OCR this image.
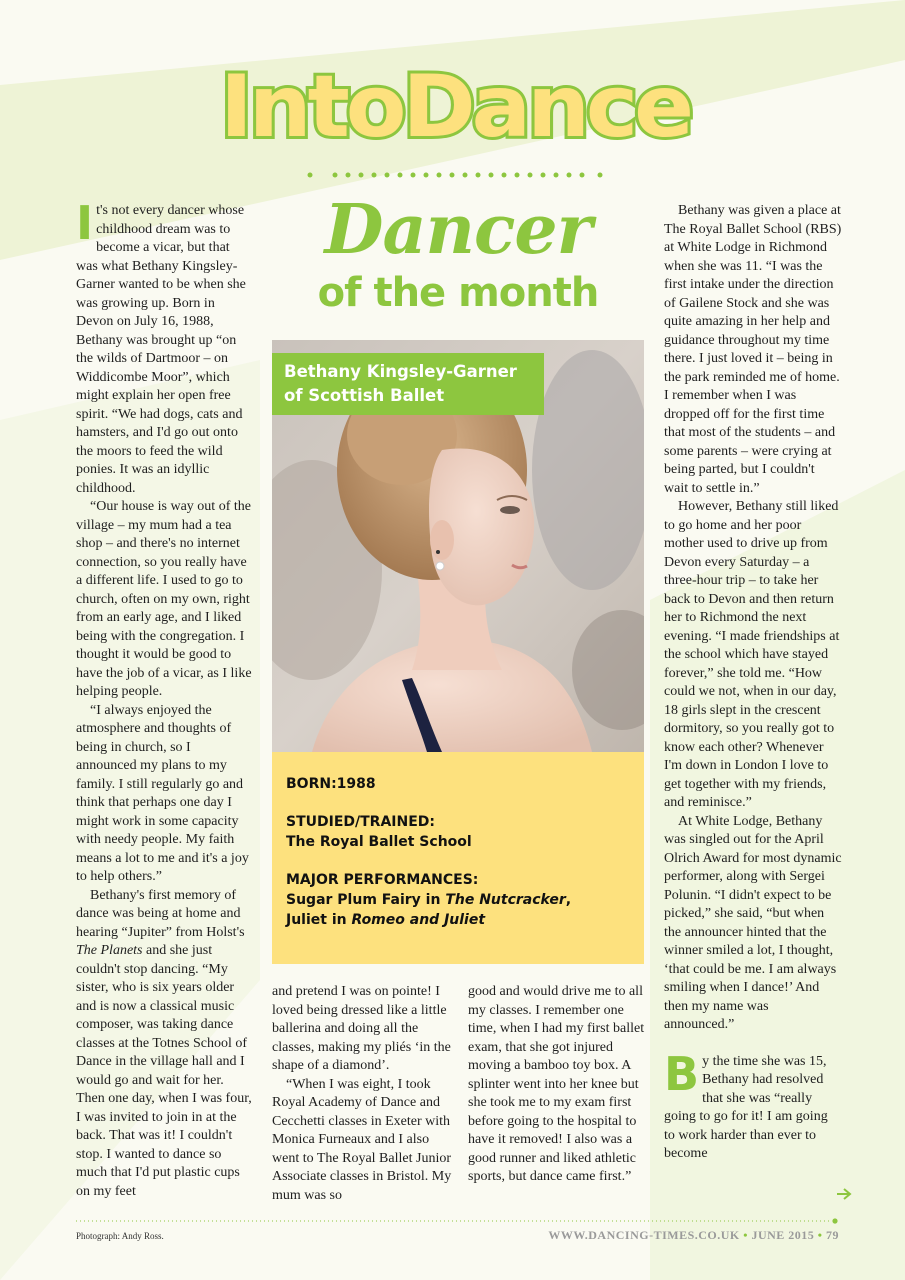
IntoDance
Dancer
of the month
Bethany Kingsley-Garner
of Scottish Ballet
BORN:1988
STUDIED/TRAINED:
The Royal Ballet School
MAJOR PERFORMANCES:
Sugar Plum Fairy in The Nutcracker,
Juliet in Romeo and Juliet

It's not every dancer whose childhood dream was to become a vicar, but that was what Bethany Kingsley-Garner wanted to be when she was growing up. Born in Devon on July 16, 1988, Bethany was brought up “on the wilds of Dartmoor – on Widdicombe Moor”, which might explain her open free spirit. “We had dogs, cats and hamsters, and I'd go out onto the moors to feed the wild ponies. It was an idyllic childhood.

“Our house is way out of the village – my mum had a tea shop – and there's no internet connection, so you really have a different life. I used to go to church, often on my own, right from an early age, and I liked being with the congregation. I thought it would be good to have the job of a vicar, as I like helping people.

“I always enjoyed the atmosphere and thoughts of being in church, so I announced my plans to my family. I still regularly go and think that perhaps one day I might work in some capacity with needy people. My faith means a lot to me and it's a joy to help others.”

Bethany's first memory of dance was being at home and hearing “Jupiter” from Holst's The Planets and she just couldn't stop dancing. “My sister, who is six years older and is now a classical music composer, was taking dance classes at the Totnes School of Dance in the village hall and I would go and wait for her. Then one day, when I was four, I was invited to join in at the back. That was it! I couldn't stop. I wanted to dance so much that I'd put plastic cups on my feet

and pretend I was on pointe! I loved being dressed like a little ballerina and doing all the classes, making my pliés ‘in the shape of a diamond’.

“When I was eight, I took Royal Academy of Dance and Cecchetti classes in Exeter with Monica Furneaux and I also went to The Royal Ballet Junior Associate classes in Bristol. My mum was so

good and would drive me to all my classes. I remember one time, when I had my first ballet exam, that she got injured moving a bamboo toy box. A splinter went into her knee but she took me to my exam first before going to the hospital to have it removed! I also was a good runner and liked athletic sports, but dance came first.”

Bethany was given a place at The Royal Ballet School (RBS) at White Lodge in Richmond when she was 11. “I was the first intake under the direction of Gailene Stock and she was quite amazing in her help and guidance throughout my time there. I just loved it – being in the park reminded me of home. I remember when I was dropped off for the first time that most of the students – and some parents – were crying at being parted, but I couldn't wait to settle in.”

However, Bethany still liked to go home and her poor mother used to drive up from Devon every Saturday – a three-hour trip – to take her back to Devon and then return her to Richmond the next evening. “I made friendships at the school which have stayed forever,” she told me. “How could we not, when in our day, 18 girls slept in the crescent dormitory, so you really got to know each other? Whenever I'm down in London I love to get together with my friends, and reminisce.”

At White Lodge, Bethany was singled out for the April Olrich Award for most dynamic performer, along with Sergei Polunin. “I didn't expect to be picked,” she said, “but when the announcer hinted that the winner smiled a lot, I thought, ‘that could be me. I am always smiling when I dance!’ And then my name was announced.”

By the time she was 15, Bethany had resolved that she was “really going to go for it! I am going to work harder than ever to become

Photograph: Andy Ross.	WWW.DANCING-TIMES.CO.UK • JUNE 2015 • 79
